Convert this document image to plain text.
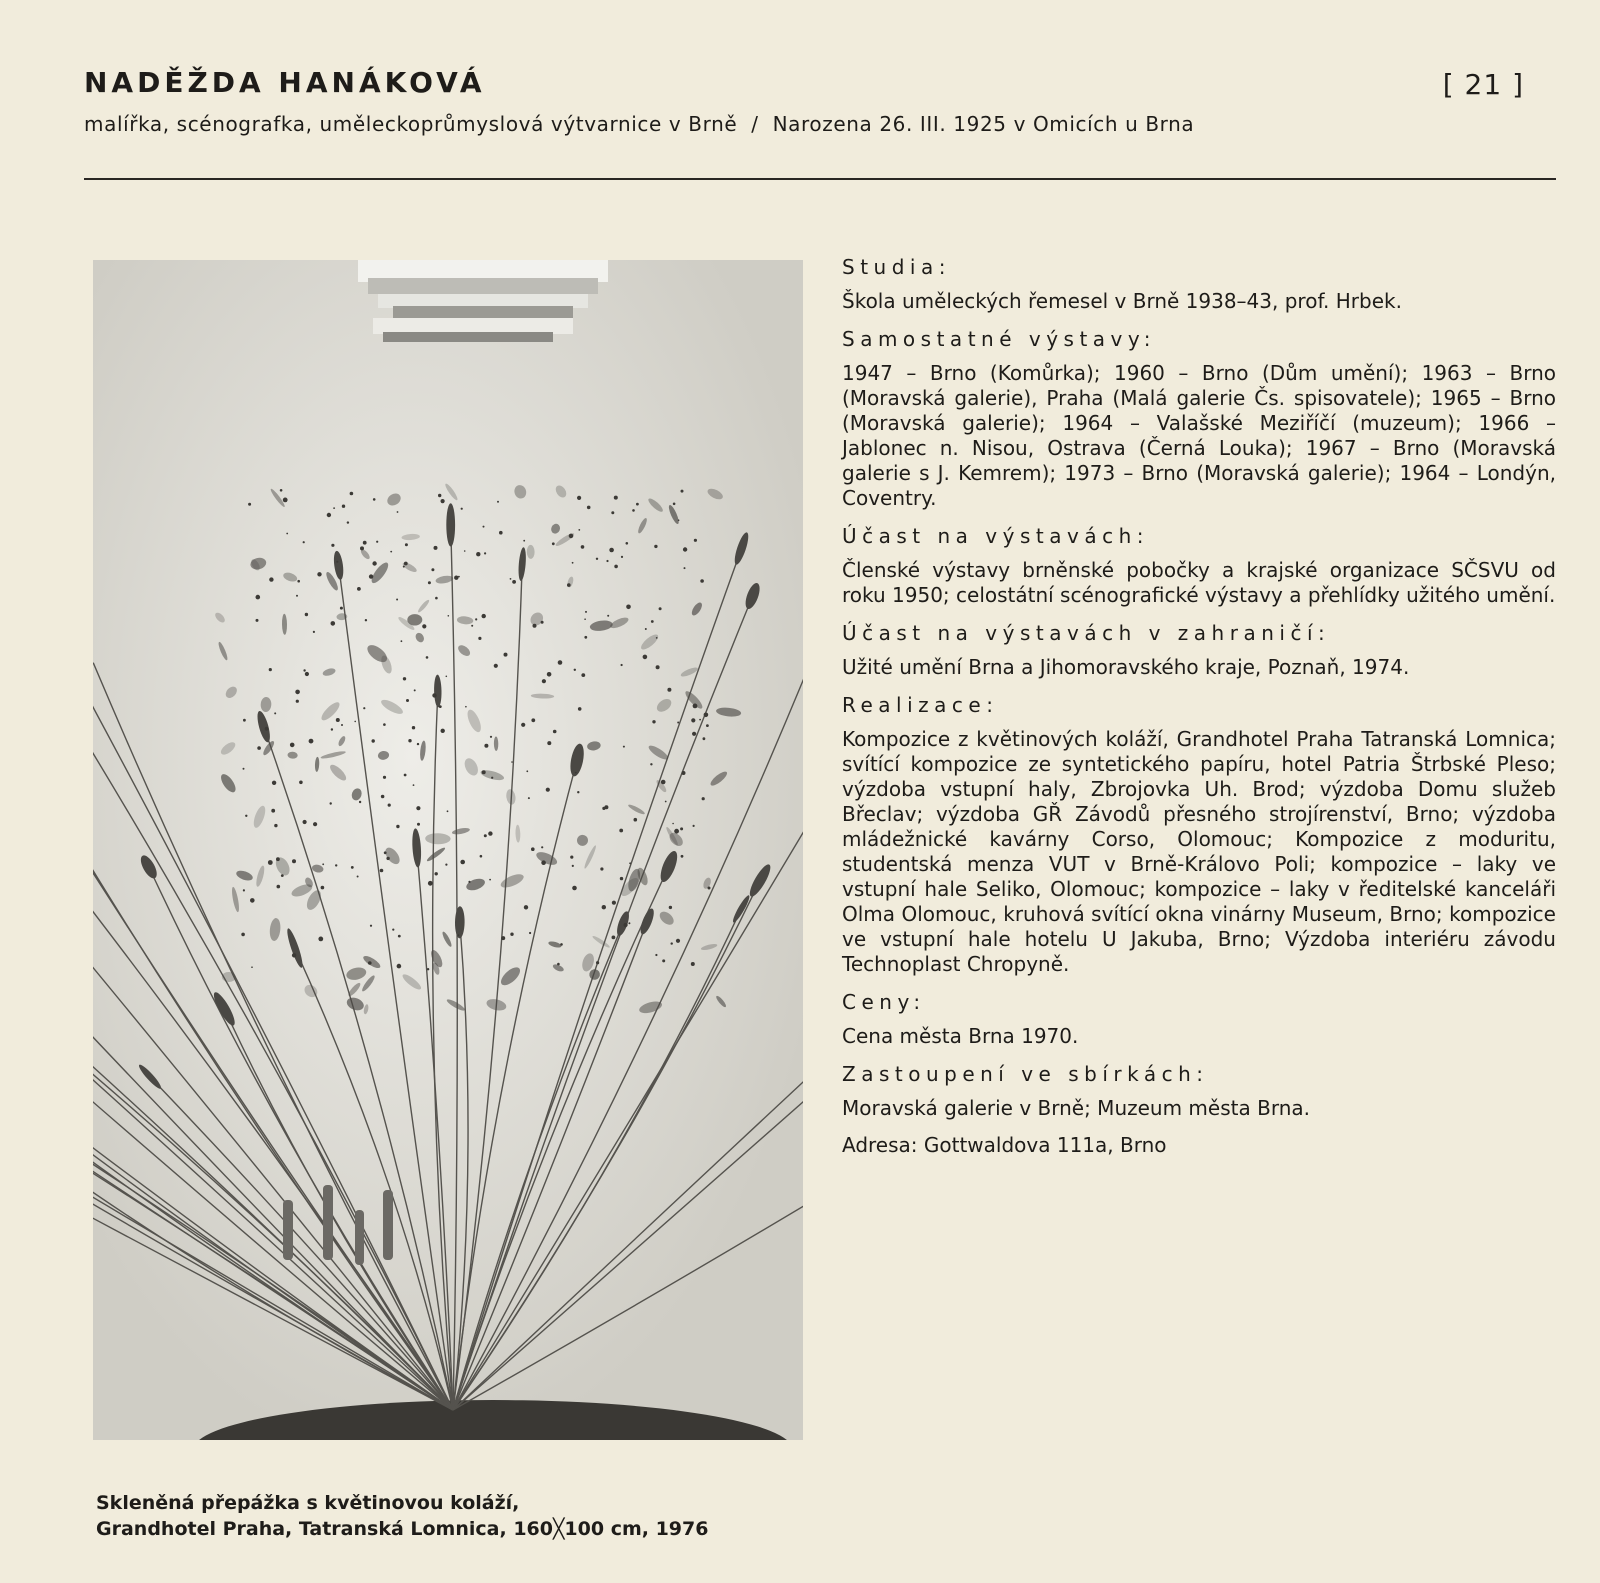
NADĚŽDA HANÁKOVÁ	[ 21 ]
malířka, scénografka, uměleckoprůmyslová výtvarnice v Brně / Narozena 26. III. 1925 v Omicích u Brna
Skleněná přepážka s květinovou koláží,
Grandhotel Praha, Tatranská Lomnica, 160╳100 cm, 1976
Studia:
Škola uměleckých řemesel v Brně 1938–43, prof. Hrbek.
Samostatné výstavy:
1947 – Brno (Komůrka); 1960 – Brno (Dům umění); 1963 – Brno (Moravská galerie), Praha (Malá galerie Čs. spisovatele); 1965 – Brno (Moravská galerie); 1964 – Valašské Meziříčí (muzeum); 1966 – Jablonec n. Nisou, Ostrava (Černá Louka); 1967 – Brno (Moravská galerie s J. Kemrem); 1973 – Brno (Moravská galerie); 1964 – Londýn, Coventry.
Účast na výstavách:
Členské výstavy brněnské pobočky a krajské organizace SČSVU od roku 1950; celostátní scénografické výstavy a přehlídky užitého umění.
Účast na výstavách v zahraničí:
Užité umění Brna a Jihomoravského kraje, Poznaň, 1974.
Realizace:
Kompozice z květinových koláží, Grandhotel Praha Tatranská Lomnica; svítící kompozice ze syntetického papíru, hotel Patria Štrbské Pleso; výzdoba vstupní haly, Zbrojovka Uh. Brod; výzdoba Domu služeb Břeclav; výzdoba GŘ Závodů přesného strojírenství, Brno; výzdoba mládežnické kavárny Corso, Olomouc; Kompozice z moduritu, studentská menza VUT v Brně-Královo Poli; kompozice – laky ve vstupní hale Seliko, Olomouc; kompozice – laky v ředitelské kanceláři Olma Olomouc, kruhová svítící okna vinárny Museum, Brno; kompozice ve vstupní hale hotelu U Jakuba, Brno; Výzdoba interiéru závodu Technoplast Chropyně.
Ceny:
Cena města Brna 1970.
Zastoupení ve sbírkách:
Moravská galerie v Brně; Muzeum města Brna.
Adresa: Gottwaldova 111a, Brno
